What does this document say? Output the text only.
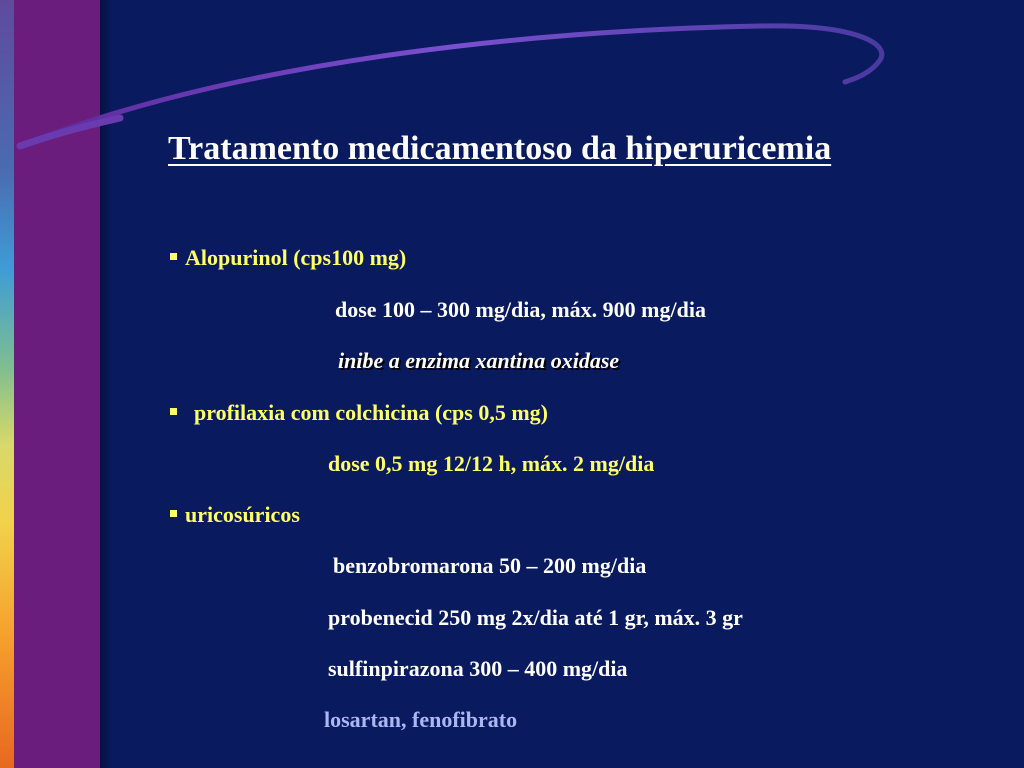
Tratamento medicamentoso da hiperuricemia
Alopurinol (cps100 mg)
dose 100 – 300 mg/dia, máx. 900 mg/dia
inibe a enzima xantina oxidase
profilaxia com colchicina (cps 0,5 mg)
dose 0,5 mg 12/12 h, máx. 2 mg/dia
uricosúricos
benzobromarona 50 – 200 mg/dia
probenecid 250 mg 2x/dia até 1 gr, máx. 3 gr
sulfinpirazona 300 – 400 mg/dia
losartan, fenofibrato
